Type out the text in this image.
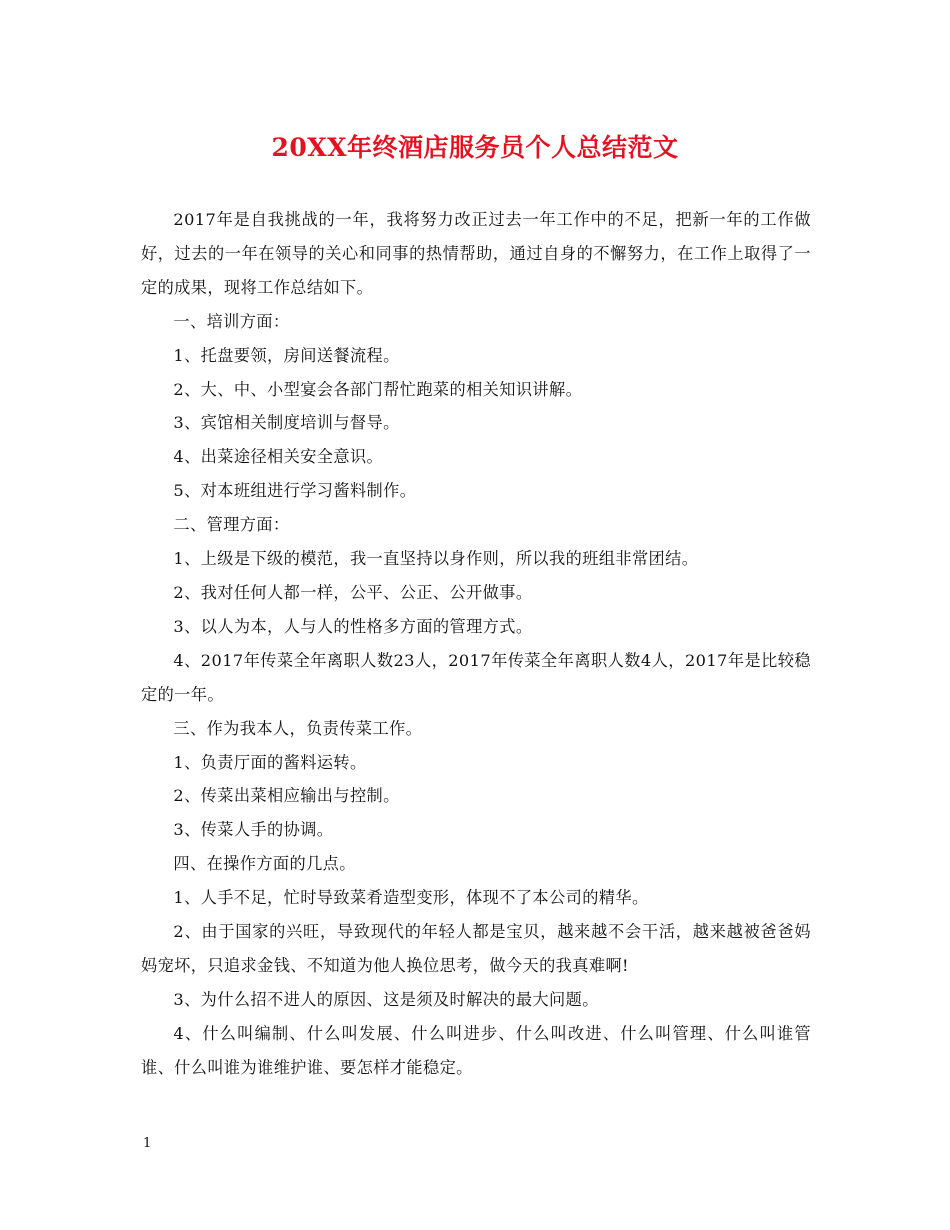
20XX年终酒店服务员个人总结范文

2017年是自我挑战的一年，我将努力改正过去一年工作中的不足，把新一年的工作做好，过去的一年在领导的关心和同事的热情帮助，通过自身的不懈努力，在工作上取得了一定的成果，现将工作总结如下。

一、培训方面：

1、托盘要领，房间送餐流程。

2、大、中、小型宴会各部门帮忙跑菜的相关知识讲解。

3、宾馆相关制度培训与督导。

4、出菜途径相关安全意识。

5、对本班组进行学习酱料制作。

二、管理方面：

1、上级是下级的模范，我一直坚持以身作则，所以我的班组非常团结。

2、我对任何人都一样，公平、公正、公开做事。

3、以人为本，人与人的性格多方面的管理方式。

4、2017年传菜全年离职人数23人，2017年传菜全年离职人数4人，2017年是比较稳定的一年。

三、作为我本人，负责传菜工作。

1、负责厅面的酱料运转。

2、传菜出菜相应输出与控制。

3、传菜人手的协调。

四、在操作方面的几点。

1、人手不足，忙时导致菜肴造型变形，体现不了本公司的精华。

2、由于国家的兴旺，导致现代的年轻人都是宝贝，越来越不会干活，越来越被爸爸妈妈宠坏，只追求金钱、不知道为他人换位思考，做今天的我真难啊!

3、为什么招不进人的原因、这是须及时解决的最大问题。

4、什么叫编制、什么叫发展、什么叫进步、什么叫改进、什么叫管理、什么叫谁管谁、什么叫谁为谁维护谁、要怎样才能稳定。

1
